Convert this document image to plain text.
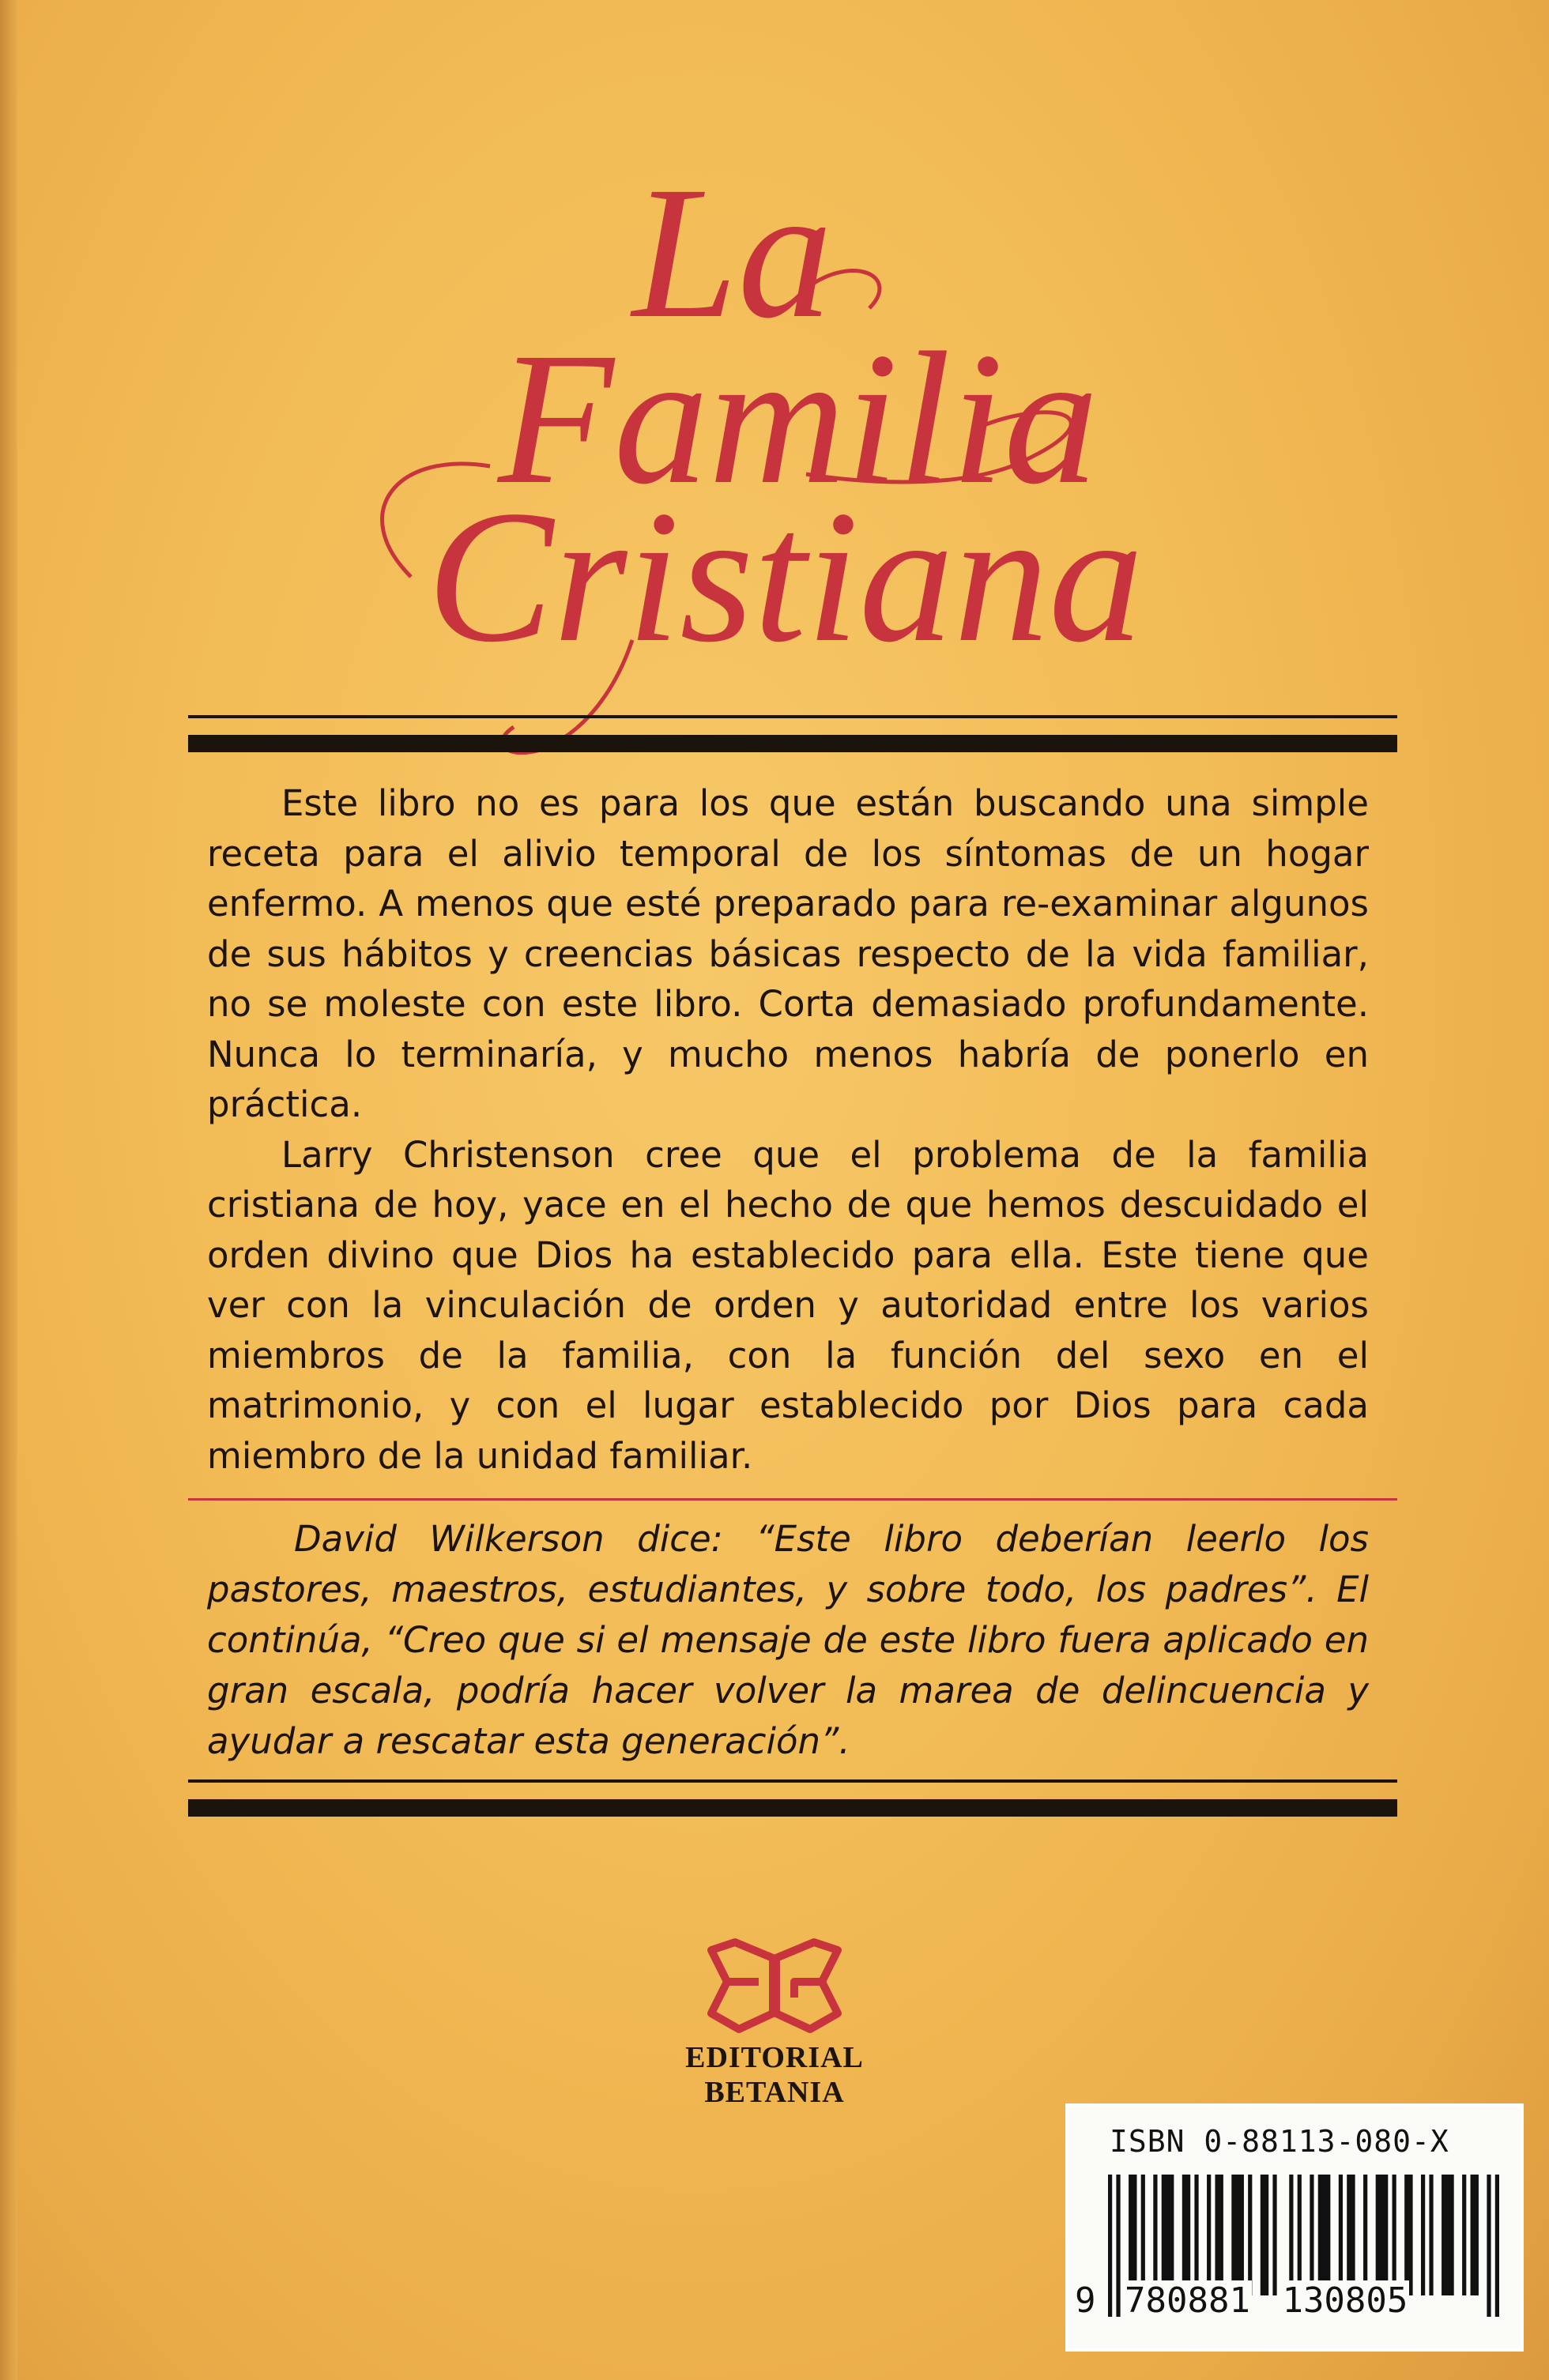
La
Familia
Cristiana

Este libro no es para los que están buscando una simple receta para el alivio temporal de los síntomas de un hogar enfermo. A menos que esté preparado para re-examinar algunos de sus hábitos y creencias básicas respecto de la vida familiar, no se moleste con este libro. Corta demasiado profundamente. Nunca lo terminaría, y mucho menos habría de ponerlo en práctica.

Larry Christenson cree que el problema de la familia cristiana de hoy, yace en el hecho de que hemos descuidado el orden divino que Dios ha establecido para ella. Este tiene que ver con la vinculación de orden y autoridad entre los varios miembros de la familia, con la función del sexo en el matrimonio, y con el lugar establecido por Dios para cada miembro de la unidad familiar.

David Wilkerson dice: “Este libro deberían leerlo los pastores, maestros, estudiantes, y sobre todo, los padres”. El continúa, “Creo que si el mensaje de este libro fuera aplicado en gran escala, podría hacer volver la marea de delincuencia y ayudar a rescatar esta generación”.

EDITORIAL BETANIA
ISBN 0-88113-080-X
9 780881 130805
